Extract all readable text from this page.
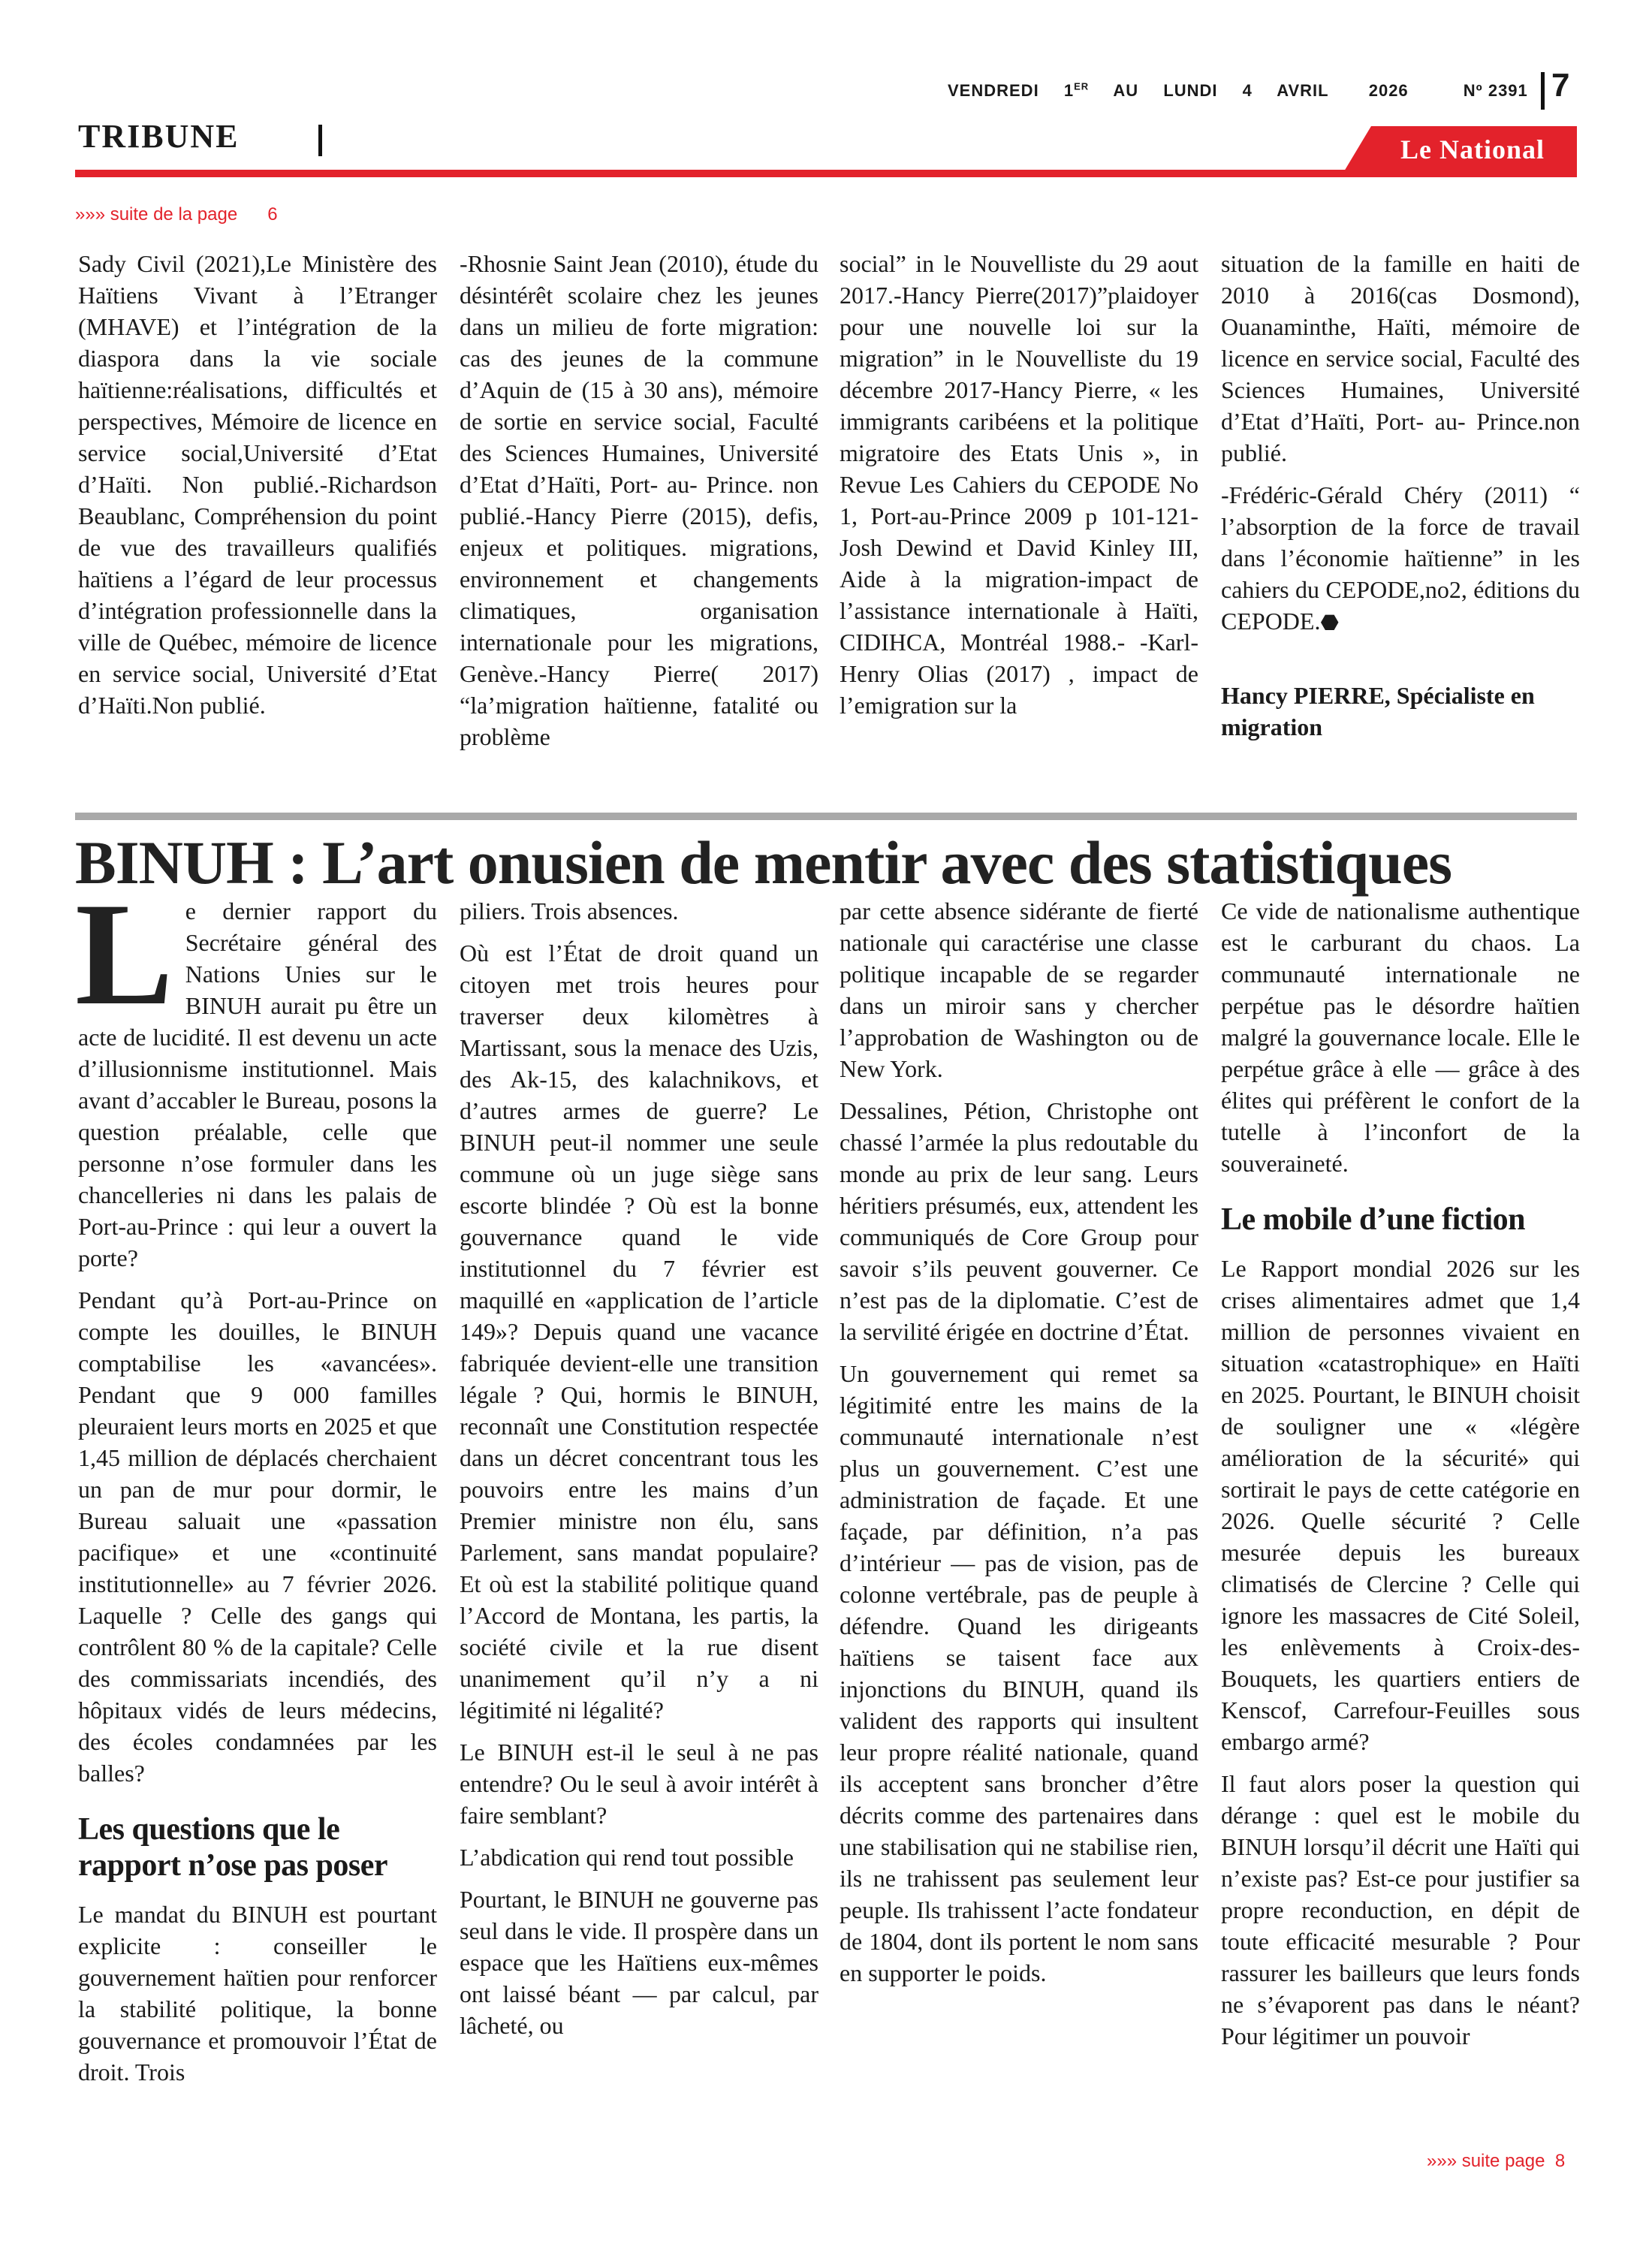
VENDREDI 1ER AU LUNDI 4 AVRIL 2026	Nº 2391 7
TRIBUNE	Le National
»»» suite de la page 6

Sady Civil (2021),Le Ministère des Haïtiens Vivant à l’Etranger (MHAVE) et l’intégration de la diaspora dans la vie sociale haïtienne:réalisations, difficultés et perspectives, Mémoire de licence en service social,Université d’Etat d’Haïti. Non publié.-Richardson Beaublanc, Compréhension du point de vue des travailleurs qualifiés haïtiens a l’égard de leur processus d’intégration professionnelle dans la ville de Québec, mémoire de licence en service social, Université d’Etat d’Haïti.Non publié.

-Rhosnie Saint Jean (2010), étude du désintérêt scolaire chez les jeunes dans un milieu de forte migration: cas des jeunes de la commune d’Aquin de (15 à 30 ans), mémoire de sortie en service social, Faculté des Sciences Humaines, Université d’Etat d’Haïti, Port- au- Prince. non publié.-Hancy Pierre (2015), defis, enjeux et politiques. migrations, environnement et changements climatiques, organisation internationale pour les migrations, Genève.-Hancy Pierre( 2017) “la’migration haïtienne, fatalité ou problème

social” in le Nouvelliste du 29 aout 2017.-Hancy Pierre(2017)”plaidoyer pour une nouvelle loi sur la migration” in le Nouvelliste du 19 décembre 2017-Hancy Pierre, « les immigrants caribéens et la politique migratoire des Etats Unis », in Revue Les Cahiers du CEPODE No 1, Port-au-Prince 2009 p 101-121- Josh Dewind et David Kinley III, Aide à la migration-impact de l’assistance internationale à Haïti, CIDIHCA, Montréal 1988.- -Karl-Henry Olias (2017) , impact de l’emigration sur la

situation de la famille en haiti de 2010 à 2016(cas Dosmond), Ouanaminthe, Haïti, mémoire de licence en service social, Faculté des Sciences Humaines, Université d’Etat d’Haïti, Port- au- Prince.non publié.

-Frédéric-Gérald Chéry (2011) “ l’absorption de la force de travail dans l’économie haïtienne” in les cahiers du CEPODE,no2, éditions du CEPODE.⬣

Hancy PIERRE, Spécialiste en migration

BINUH : L’art onusien de mentir avec des statistiques

Le dernier rapport du Secrétaire général des Nations Unies sur le BINUH aurait pu être un acte de lucidité. Il est devenu un acte d’illusionnisme institutionnel. Mais avant d’accabler le Bureau, posons la question préalable, celle que personne n’ose formuler dans les chancelleries ni dans les palais de Port-au-Prince : qui leur a ouvert la porte?

Pendant qu’à Port-au-Prince on compte les douilles, le BINUH comptabilise les «avancées». Pendant que 9 000 familles pleuraient leurs morts en 2025 et que 1,45 million de déplacés cherchaient un pan de mur pour dormir, le Bureau saluait une «passation pacifique» et une «continuité institutionnelle» au 7 février 2026. Laquelle ? Celle des gangs qui contrôlent 80 % de la capitale? Celle des commissariats incendiés, des hôpitaux vidés de leurs médecins, des écoles condamnées par les balles?

Les questions que le rapport n’ose pas poser

Le mandat du BINUH est pourtant explicite : conseiller le gouvernement haïtien pour renforcer la stabilité politique, la bonne gouvernance et promouvoir l’État de droit. Trois

piliers. Trois absences.

Où est l’État de droit quand un citoyen met trois heures pour traverser deux kilomètres à Martissant, sous la menace des Uzis, des Ak-15, des kalachnikovs, et d’autres armes de guerre? Le BINUH peut-il nommer une seule commune où un juge siège sans escorte blindée ? Où est la bonne gouvernance quand le vide institutionnel du 7 février est maquillé en «application de l’article 149»? Depuis quand une vacance fabriquée devient-elle une transition légale ? Qui, hormis le BINUH, reconnaît une Constitution respectée dans un décret concentrant tous les pouvoirs entre les mains d’un Premier ministre non élu, sans Parlement, sans mandat populaire? Et où est la stabilité politique quand l’Accord de Montana, les partis, la société civile et la rue disent unanimement qu’il n’y a ni légitimité ni légalité?

Le BINUH est-il le seul à ne pas entendre? Ou le seul à avoir intérêt à faire semblant?

L’abdication qui rend tout possible

Pourtant, le BINUH ne gouverne pas seul dans le vide. Il prospère dans un espace que les Haïtiens eux-mêmes ont laissé béant — par calcul, par lâcheté, ou

par cette absence sidérante de fierté nationale qui caractérise une classe politique incapable de se regarder dans un miroir sans y chercher l’approbation de Washington ou de New York.

Dessalines, Pétion, Christophe ont chassé l’armée la plus redoutable du monde au prix de leur sang. Leurs héritiers présumés, eux, attendent les communiqués de Core Group pour savoir s’ils peuvent gouverner. Ce n’est pas de la diplomatie. C’est de la servilité érigée en doctrine d’État.

Un gouvernement qui remet sa légitimité entre les mains de la communauté internationale n’est plus un gouvernement. C’est une administration de façade. Et une façade, par définition, n’a pas d’intérieur — pas de vision, pas de colonne vertébrale, pas de peuple à défendre. Quand les dirigeants haïtiens se taisent face aux injonctions du BINUH, quand ils valident des rapports qui insultent leur propre réalité nationale, quand ils acceptent sans broncher d’être décrits comme des partenaires dans une stabilisation qui ne stabilise rien, ils ne trahissent pas seulement leur peuple. Ils trahissent l’acte fondateur de 1804, dont ils portent le nom sans en supporter le poids.

Ce vide de nationalisme authentique est le carburant du chaos. La communauté internationale ne perpétue pas le désordre haïtien malgré la gouvernance locale. Elle le perpétue grâce à elle — grâce à des élites qui préfèrent le confort de la tutelle à l’inconfort de la souveraineté.

Le mobile d’une fiction

Le Rapport mondial 2026 sur les crises alimentaires admet que 1,4 million de personnes vivaient en situation «catastrophique» en Haïti en 2025. Pourtant, le BINUH choisit de souligner une « «légère amélioration de la sécurité» qui sortirait le pays de cette catégorie en 2026. Quelle sécurité ? Celle mesurée depuis les bureaux climatisés de Clercine ? Celle qui ignore les massacres de Cité Soleil, les enlèvements à Croix-des-Bouquets, les quartiers entiers de Kenscof, Carrefour-Feuilles sous embargo armé?

Il faut alors poser la question qui dérange : quel est le mobile du BINUH lorsqu’il décrit une Haïti qui n’existe pas? Est-ce pour justifier sa propre reconduction, en dépit de toute efficacité mesurable ? Pour rassurer les bailleurs que leurs fonds ne s’évaporent pas dans le néant? Pour légitimer un pouvoir

»»» suite page 8
